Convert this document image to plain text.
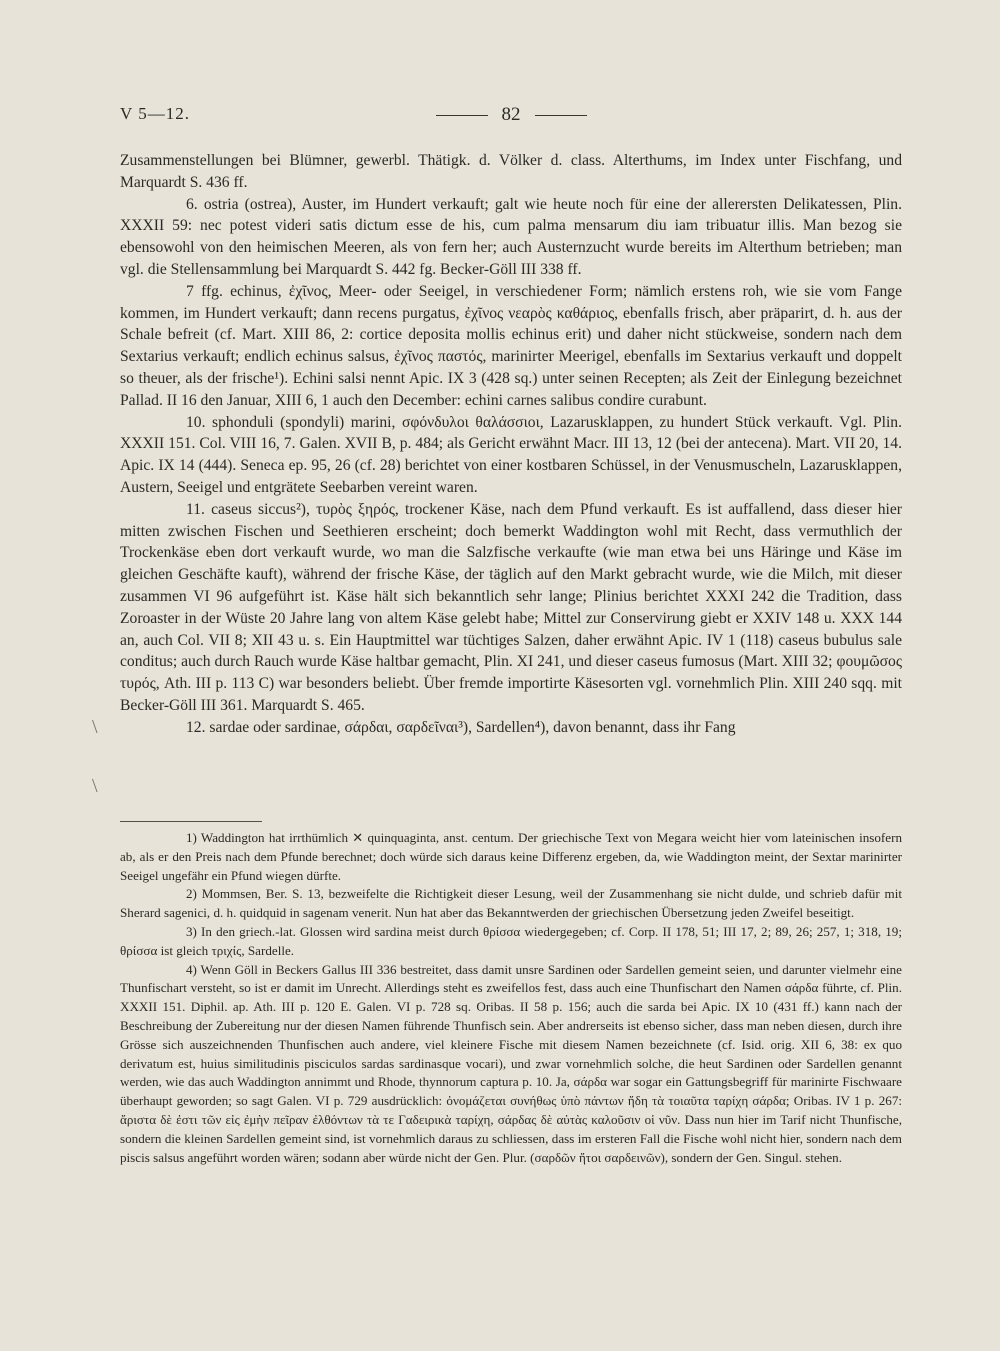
V 5—12.	82

Zusammenstellungen bei Blümner, gewerbl. Thätigk. d. Völker d. class. Alterthums, im Index unter Fischfang, und Marquardt S. 436 ff.

6. ostria (ostrea), Auster, im Hundert verkauft; galt wie heute noch für eine der allerersten Delikatessen, Plin. XXXII 59: nec potest videri satis dictum esse de his, cum palma mensarum diu iam tribuatur illis. Man bezog sie ebensowohl von den heimischen Meeren, als von fern her; auch Austernzucht wurde bereits im Alterthum betrieben; man vgl. die Stellensammlung bei Marquardt S. 442 fg. Becker-Göll III 338 ff.

7 ffg. echinus, ἐχῖνος, Meer- oder Seeigel, in verschiedener Form; nämlich erstens roh, wie sie vom Fange kommen, im Hundert verkauft; dann recens purgatus, ἐχῖνος νεαρὸς καθάριος, ebenfalls frisch, aber präparirt, d. h. aus der Schale befreit (cf. Mart. XIII 86, 2: cortice deposita mollis echinus erit) und daher nicht stückweise, sondern nach dem Sextarius verkauft; endlich echinus salsus, ἐχῖνος παστός, marinirter Meerigel, ebenfalls im Sextarius verkauft und doppelt so theuer, als der frische¹). Echini salsi nennt Apic. IX 3 (428 sq.) unter seinen Recepten; als Zeit der Einlegung bezeichnet Pallad. II 16 den Januar, XIII 6, 1 auch den December: echini carnes salibus condire curabunt.

10. sphonduli (spondyli) marini, σφόνδυλοι θαλάσσιοι, Lazarusklappen, zu hundert Stück verkauft. Vgl. Plin. XXXII 151. Col. VIII 16, 7. Galen. XVII B, p. 484; als Gericht erwähnt Macr. III 13, 12 (bei der antecena). Mart. VII 20, 14. Apic. IX 14 (444). Seneca ep. 95, 26 (cf. 28) berichtet von einer kostbaren Schüssel, in der Venusmuscheln, Lazarusklappen, Austern, Seeigel und entgrätete Seebarben vereint waren.

11. caseus siccus²), τυρὸς ξηρός, trockener Käse, nach dem Pfund verkauft. Es ist auffallend, dass dieser hier mitten zwischen Fischen und Seethieren erscheint; doch bemerkt Waddington wohl mit Recht, dass vermuthlich der Trockenkäse eben dort verkauft wurde, wo man die Salzfische verkaufte (wie man etwa bei uns Häringe und Käse im gleichen Geschäfte kauft), während der frische Käse, der täglich auf den Markt gebracht wurde, wie die Milch, mit dieser zusammen VI 96 aufgeführt ist. Käse hält sich bekanntlich sehr lange; Plinius berichtet XXXI 242 die Tradition, dass Zoroaster in der Wüste 20 Jahre lang von altem Käse gelebt habe; Mittel zur Conservirung giebt er XXIV 148 u. XXX 144 an, auch Col. VII 8; XII 43 u. s. Ein Hauptmittel war tüchtiges Salzen, daher erwähnt Apic. IV 1 (118) caseus bubulus sale conditus; auch durch Rauch wurde Käse haltbar gemacht, Plin. XI 241, und dieser caseus fumosus (Mart. XIII 32; φουμῶσος τυρός, Ath. III p. 113 C) war besonders beliebt. Über fremde importirte Käsesorten vgl. vornehmlich Plin. XIII 240 sqq. mit Becker-Göll III 361. Marquardt S. 465.

12. sardae oder sardinae, σάρδαι, σαρδεῖναι³), Sardellen⁴), davon benannt, dass ihr Fang

\
\

1) Waddington hat irrthümlich ✕ quinquaginta, anst. centum. Der griechische Text von Megara weicht hier vom lateinischen insofern ab, als er den Preis nach dem Pfunde berechnet; doch würde sich daraus keine Differenz ergeben, da, wie Waddington meint, der Sextar marinirter Seeigel ungefähr ein Pfund wiegen dürfte.

2) Mommsen, Ber. S. 13, bezweifelte die Richtigkeit dieser Lesung, weil der Zusammenhang sie nicht dulde, und schrieb dafür mit Sherard sagenici, d. h. quidquid in sagenam venerit. Nun hat aber das Bekanntwerden der griechischen Übersetzung jeden Zweifel beseitigt.

3) In den griech.-lat. Glossen wird sardina meist durch θρίσσα wiedergegeben; cf. Corp. II 178, 51; III 17, 2; 89, 26; 257, 1; 318, 19; θρίσσα ist gleich τριχίς, Sardelle.

4) Wenn Göll in Beckers Gallus III 336 bestreitet, dass damit unsre Sardinen oder Sardellen gemeint seien, und darunter vielmehr eine Thunfischart versteht, so ist er damit im Unrecht. Allerdings steht es zweifellos fest, dass auch eine Thunfischart den Namen σάρδα führte, cf. Plin. XXXII 151. Diphil. ap. Ath. III p. 120 E. Galen. VI p. 728 sq. Oribas. II 58 p. 156; auch die sarda bei Apic. IX 10 (431 ff.) kann nach der Beschreibung der Zubereitung nur der diesen Namen führende Thunfisch sein. Aber andrerseits ist ebenso sicher, dass man neben diesen, durch ihre Grösse sich auszeichnenden Thunfischen auch andere, viel kleinere Fische mit diesem Namen bezeichnete (cf. Isid. orig. XII 6, 38: ex quo derivatum est, huius similitudinis pisciculos sardas sardinasque vocari), und zwar vornehmlich solche, die heut Sardinen oder Sardellen genannt werden, wie das auch Waddington annimmt und Rhode, thynnorum captura p. 10. Ja, σάρδα war sogar ein Gattungsbegriff für marinirte Fischwaare überhaupt geworden; so sagt Galen. VI p. 729 ausdrücklich: ὀνομάζεται συνήθως ὑπὸ πάντων ἤδη τὰ τοιαῦτα ταρίχη σάρδα; Oribas. IV 1 p. 267: ἄριστα δὲ ἐστι τῶν εἰς ἐμὴν πεῖραν ἐλθόντων τὰ τε Γαδειρικὰ ταρίχη, σάρδας δὲ αὐτὰς καλοῦσιν οἱ νῦν. Dass nun hier im Tarif nicht Thunfische, sondern die kleinen Sardellen gemeint sind, ist vornehmlich daraus zu schliessen, dass im ersteren Fall die Fische wohl nicht hier, sondern nach dem piscis salsus angeführt worden wären; sodann aber würde nicht der Gen. Plur. (σαρδῶν ἤτοι σαρδεινῶν), sondern der Gen. Singul. stehen.
